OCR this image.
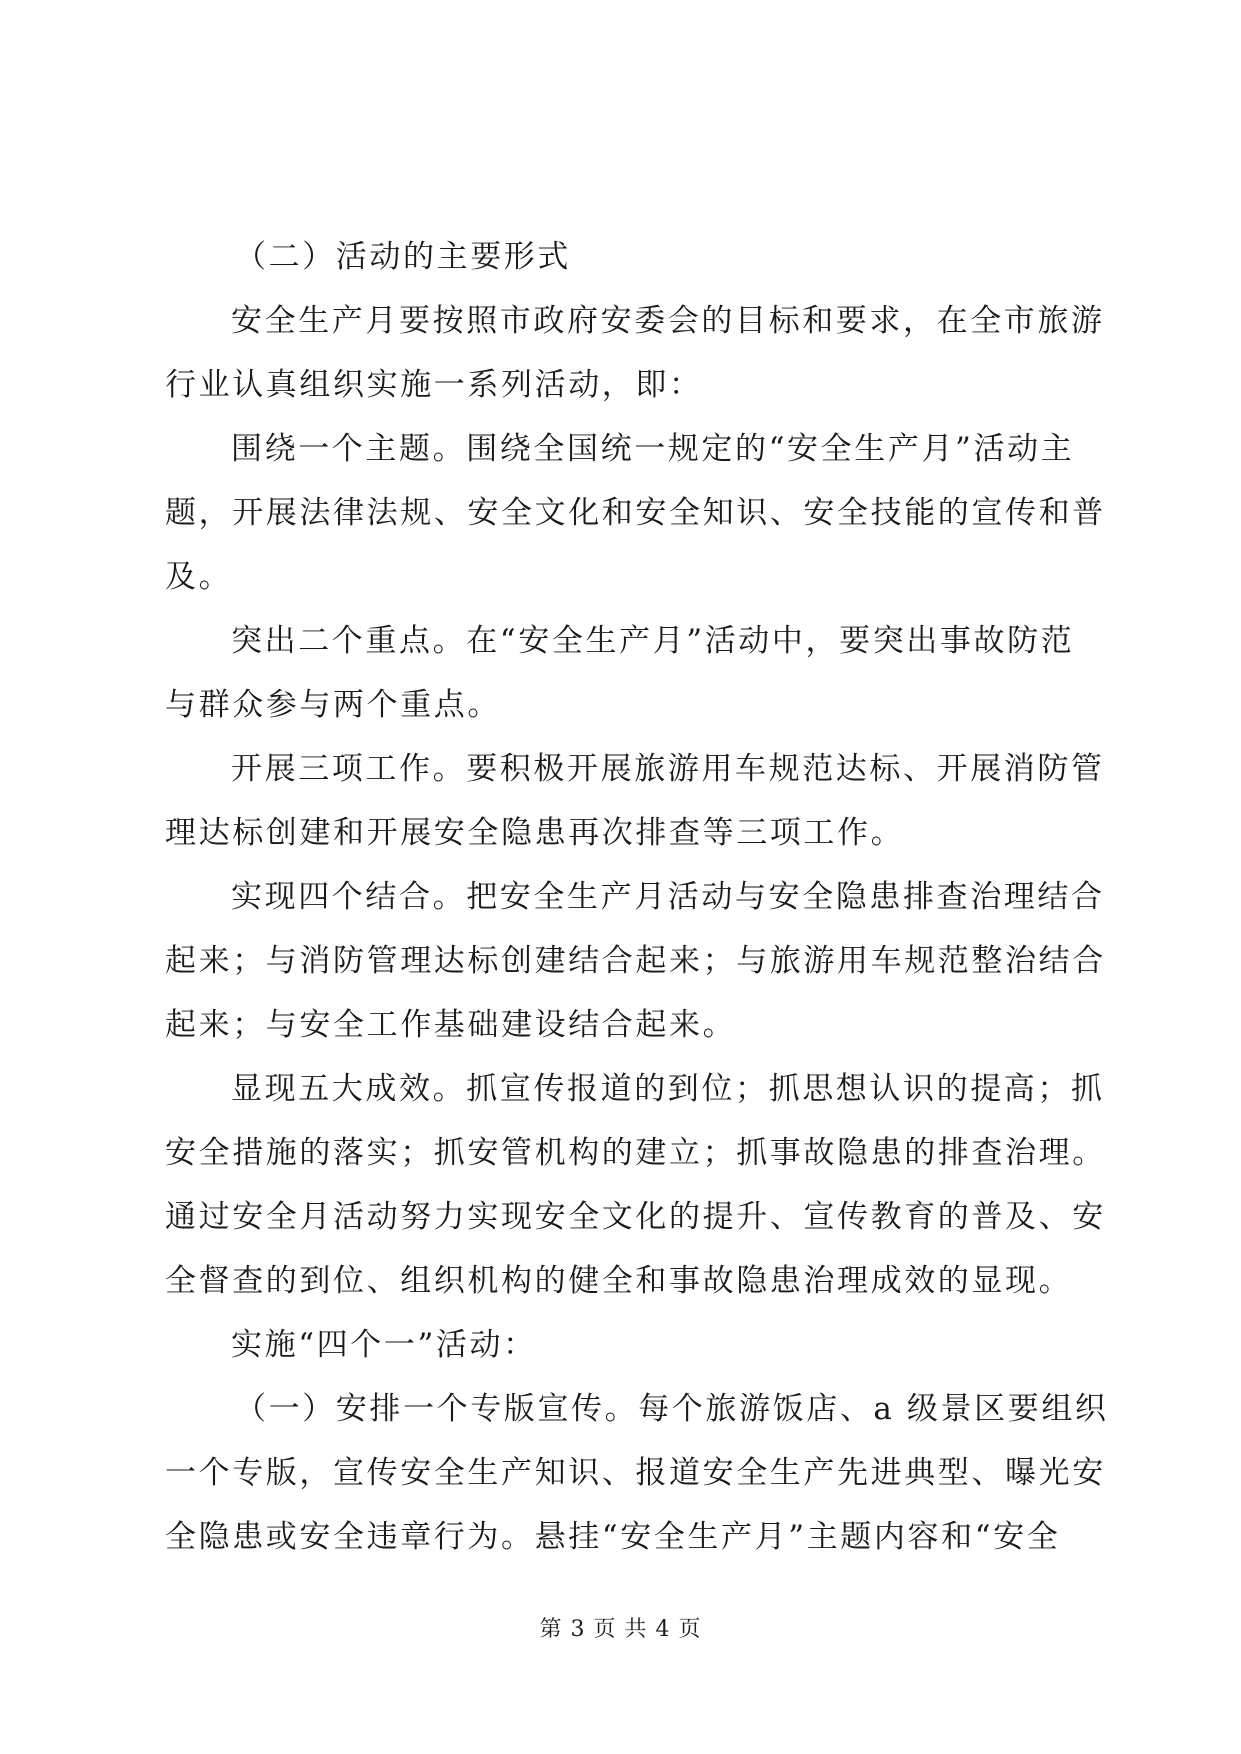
（二）活动的主要形式
安全生产月要按照市政府安委会的目标和要求，在全市旅游
行业认真组织实施一系列活动，即：
围绕一个主题。围绕全国统一规定的“安全生产月”活动主
题，开展法律法规、安全文化和安全知识、安全技能的宣传和普
及。
突出二个重点。在“安全生产月”活动中，要突出事故防范
与群众参与两个重点。
开展三项工作。要积极开展旅游用车规范达标、开展消防管
理达标创建和开展安全隐患再次排查等三项工作。
实现四个结合。把安全生产月活动与安全隐患排查治理结合
起来；与消防管理达标创建结合起来；与旅游用车规范整治结合
起来；与安全工作基础建设结合起来。
显现五大成效。抓宣传报道的到位；抓思想认识的提高；抓
安全措施的落实；抓安管机构的建立；抓事故隐患的排查治理。
通过安全月活动努力实现安全文化的提升、宣传教育的普及、安
全督查的到位、组织机构的健全和事故隐患治理成效的显现。
实施“四个一”活动：
（一）安排一个专版宣传。每个旅游饭店、a 级景区要组织
一个专版，宣传安全生产知识、报道安全生产先进典型、曝光安
全隐患或安全违章行为。悬挂“安全生产月”主题内容和“安全
第 3 页 共 4 页
